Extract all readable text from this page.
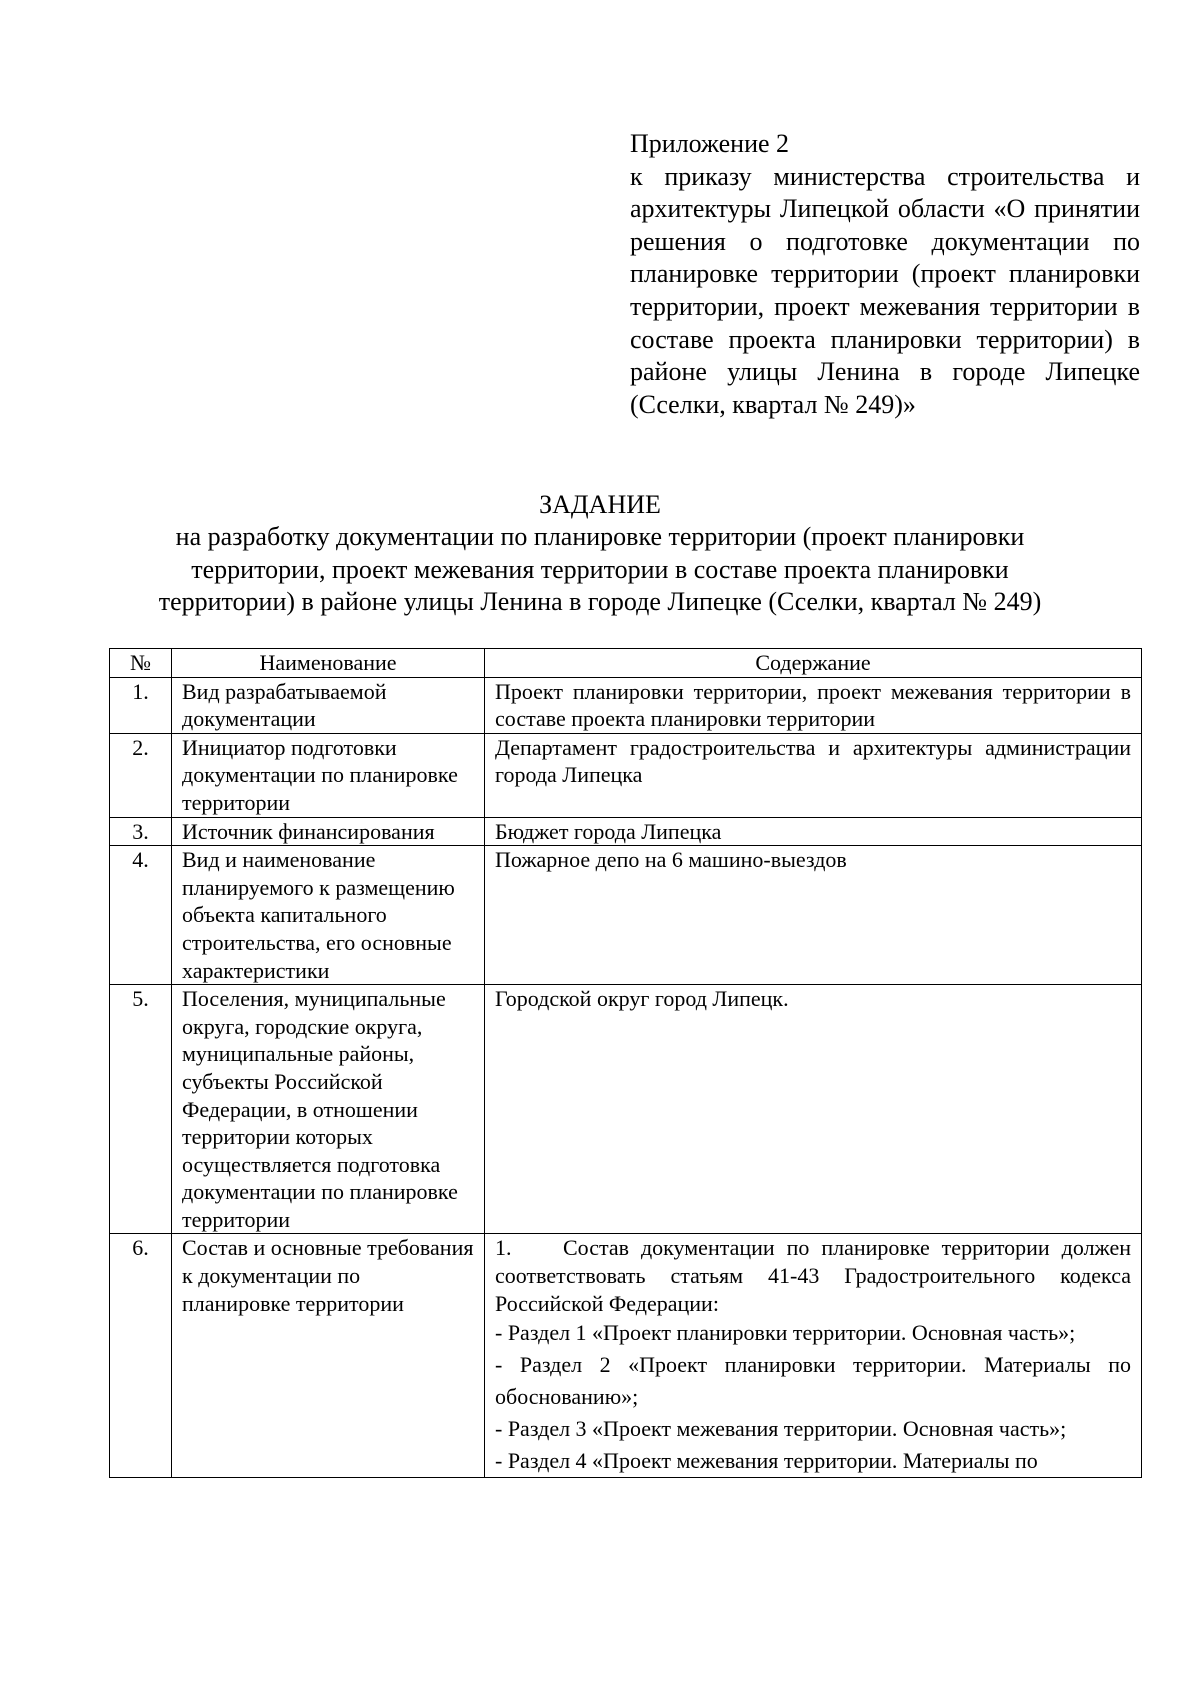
Приложение 2
к приказу министерства строительства и архитектуры Липецкой области «О принятии решения о подготовке документации по планировке территории (проект планировки территории, проект межевания территории в составе проекта планировки территории) в районе улицы Ленина в городе Липецке (Сселки, квартал № 249)»
ЗАДАНИЕ
на разработку документации по планировке территории (проект планировки территории, проект межевания территории в составе проекта планировки территории) в районе улицы Ленина в городе Липецке (Сселки, квартал № 249)
№	Наименование	Содержание
1.	Вид разрабатываемой документации	Проект планировки территории, проект межевания территории в составе проекта планировки территории
2.	Инициатор подготовки документации по планировке территории	Департамент градостроительства и архитектуры администрации города Липецка
3.	Источник финансирования	Бюджет города Липецка
4.	Вид и наименование планируемого к размещению объекта капитального строительства, его основные характеристики	Пожарное депо на 6 машино-выездов
5.	Поселения, муниципальные округа, городские округа, муниципальные районы, субъекты Российской Федерации, в отношении территории которых осуществляется подготовка документации по планировке территории	Городской округ город Липецк.
6.	Состав и основные требования к документации по планировке территории	1. Состав документации по планировке территории должен соответствовать статьям 41-43 Градостроительного кодекса Российской Федерации:

- Раздел 1 «Проект планировки территории. Основная часть»;

- Раздел 2 «Проект планировки территории. Материалы по обоснованию»;

- Раздел 3 «Проект межевания территории. Основная часть»;

- Раздел 4 «Проект межевания территории. Материалы по
